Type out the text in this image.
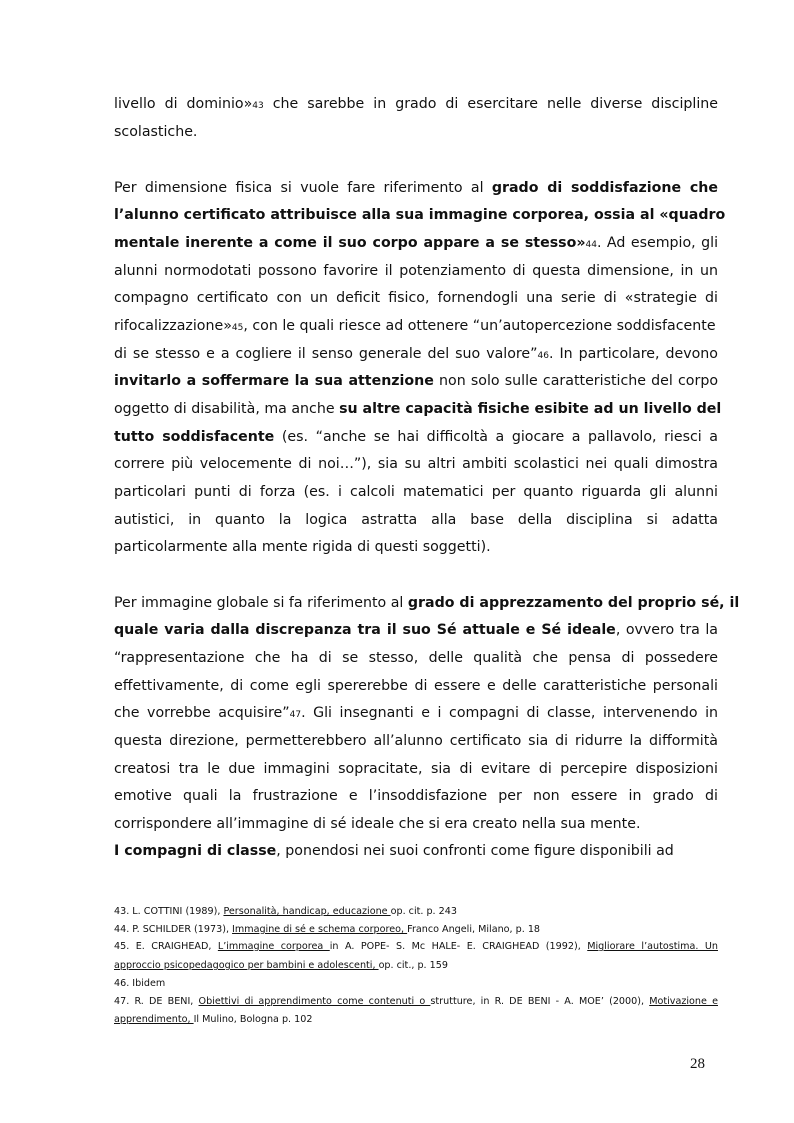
livello di dominio»43 che sarebbe in grado di esercitare nelle diverse discipline
scolastiche.
Per dimensione fisica si vuole fare riferimento al grado di soddisfazione che
l’alunno certificato attribuisce alla sua immagine corporea, ossia al «quadro
mentale inerente a come il suo corpo appare a se stesso»44. Ad esempio, gli
alunni normodotati possono favorire il potenziamento di questa dimensione, in un
compagno certificato con un deficit fisico, fornendogli una serie di «strategie di
rifocalizzazione»45, con le quali riesce ad ottenere “un’autopercezione soddisfacente
di se stesso e a cogliere il senso generale del suo valore”46. In particolare, devono
invitarlo a soffermare la sua attenzione non solo sulle caratteristiche del corpo
oggetto di disabilità, ma anche su altre capacità fisiche esibite ad un livello del
tutto soddisfacente (es. “anche se hai difficoltà a giocare a pallavolo, riesci a
correre più velocemente di noi…”), sia su altri ambiti scolastici nei quali dimostra
particolari punti di forza (es. i calcoli matematici per quanto riguarda gli alunni
autistici, in quanto la logica astratta alla base della disciplina si adatta
particolarmente alla mente rigida di questi soggetti).
Per immagine globale si fa riferimento al grado di apprezzamento del proprio sé, il
quale varia dalla discrepanza tra il suo Sé attuale e Sé ideale, ovvero tra la
“rappresentazione che ha di se stesso, delle qualità che pensa di possedere
effettivamente, di come egli spererebbe di essere e delle caratteristiche personali
che vorrebbe acquisire”47. Gli insegnanti e i compagni di classe, intervenendo in
questa direzione, permetterebbero all’alunno certificato sia di ridurre la difformità
creatosi tra le due immagini sopracitate, sia di evitare di percepire disposizioni
emotive quali la frustrazione e l’insoddisfazione per non essere in grado di
corrispondere all’immagine di sé ideale che si era creato nella sua mente.
I compagni di classe, ponendosi nei suoi confronti come figure disponibili ad
43. L. COTTINI (1989), Personalità, handicap, educazione op. cit. p. 243
44. P. SCHILDER (1973), Immagine di sé e schema corporeo, Franco Angeli, Milano, p. 18
45. E. CRAIGHEAD, L’immagine corporea in A. POPE- S. Mc HALE- E. CRAIGHEAD (1992), Migliorare l’autostima. Un
approccio psicopedagogico per bambini e adolescenti, op. cit., p. 159
46. Ibidem
47. R. DE BENI, Obiettivi di apprendimento come contenuti o strutture, in R. DE BENI - A. MOE’ (2000), Motivazione e
apprendimento, Il Mulino, Bologna p. 102
28
